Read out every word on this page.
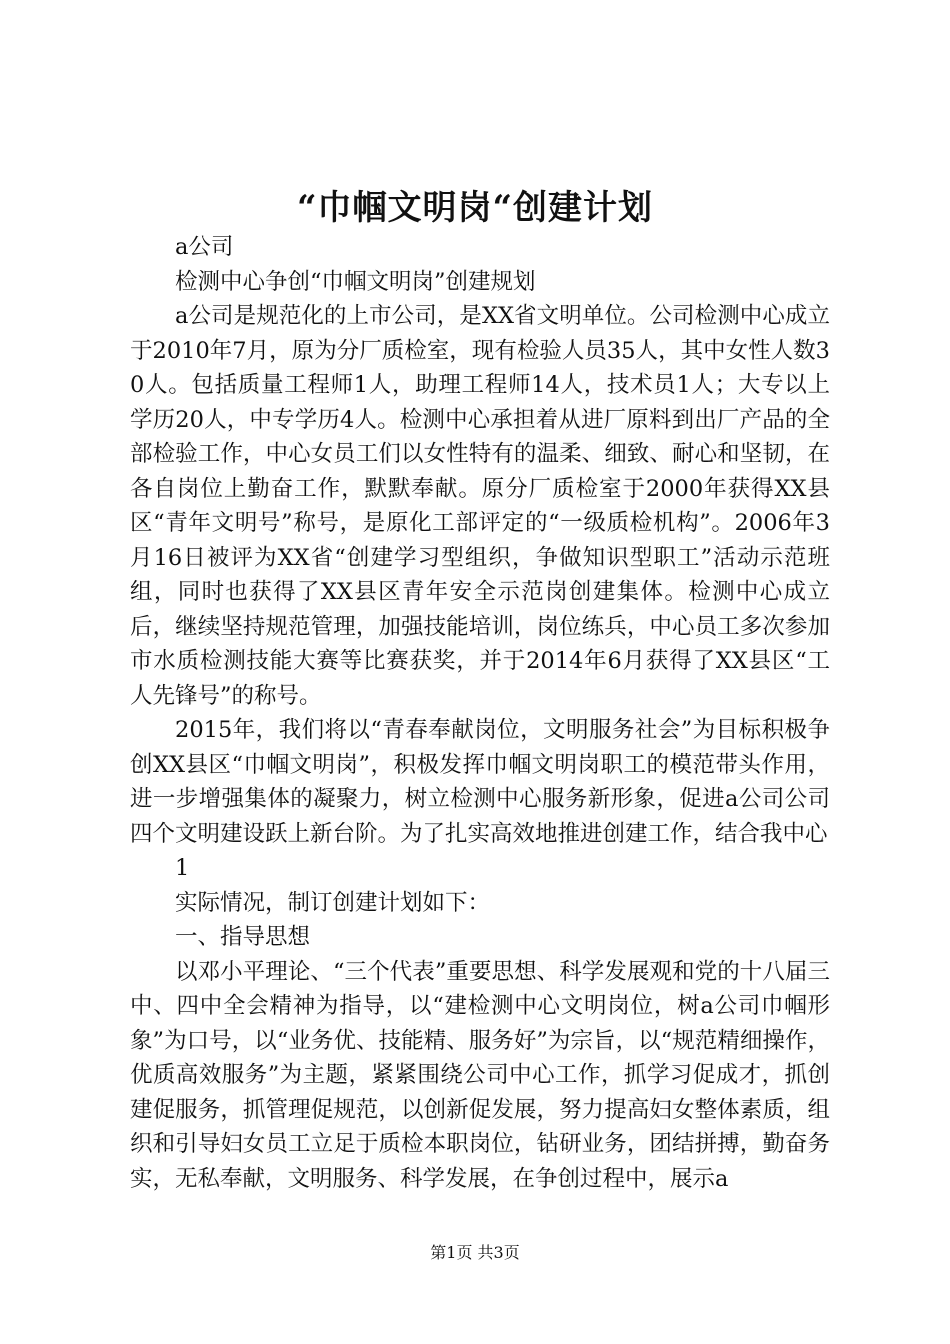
“巾帼文明岗“创建计划

a公司

检测中心争创“巾帼文明岗”创建规划

a公司是规范化的上市公司，是XX省文明单位。公司检测中心成立于2010年7月，原为分厂质检室，现有检验人员35人，其中女性人数30人。包括质量工程师1人，助理工程师14人，技术员1人；大专以上学历20人，中专学历4人。检测中心承担着从进厂原料到出厂产品的全部检验工作，中心女员工们以女性特有的温柔、细致、耐心和坚韧，在各自岗位上勤奋工作，默默奉献。原分厂质检室于2000年获得XX县区“青年文明号”称号，是原化工部评定的“一级质检机构”。2006年3月16日被评为XX省“创建学习型组织，争做知识型职工”活动示范班组，同时也获得了XX县区青年安全示范岗创建集体。检测中心成立后，继续坚持规范管理，加强技能培训，岗位练兵，中心员工多次参加市水质检测技能大赛等比赛获奖，并于2014年6月获得了XX县区“工人先锋号”的称号。

2015年，我们将以“青春奉献岗位，文明服务社会”为目标积极争创XX县区“巾帼文明岗”，积极发挥巾帼文明岗职工的模范带头作用，进一步增强集体的凝聚力，树立检测中心服务新形象，促进a公司公司四个文明建设跃上新台阶。为了扎实高效地推进创建工作，结合我中心

1

实际情况，制订创建计划如下：

一、指导思想

以邓小平理论、“三个代表”重要思想、科学发展观和党的十八届三中、四中全会精神为指导，以“建检测中心文明岗位，树a公司巾帼形象”为口号，以“业务优、技能精、服务好”为宗旨，以“规范精细操作，优质高效服务”为主题，紧紧围绕公司中心工作，抓学习促成才，抓创建促服务，抓管理促规范，以创新促发展，努力提高妇女整体素质，组织和引导妇女员工立足于质检本职岗位，钻研业务，团结拼搏，勤奋务实，无私奉献，文明服务、科学发展，在争创过程中，展示a

第1页 共3页
